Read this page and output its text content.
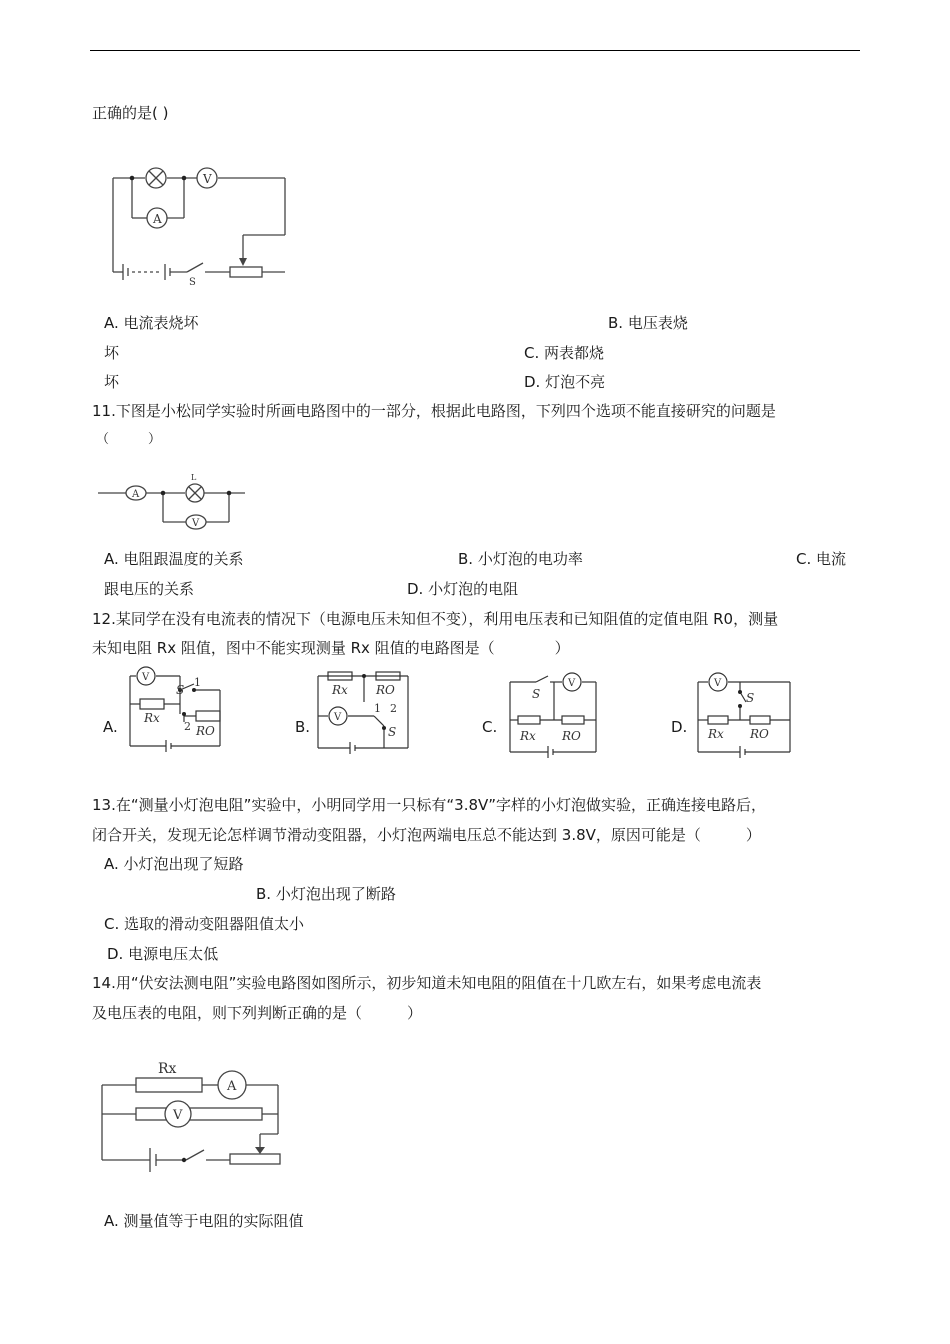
正确的是( )
A
V
S
A. 电流表烧坏	B. 电压表烧
坏	C. 两表都烧
坏	D. 灯泡不亮
11.下图是小松同学实验时所画电路图中的一部分，根据此电路图，下列四个选项不能直接研究的问题是
（　　　）
A
V
L
A. 电阻跟温度的关系	B. 小灯泡的电功率	C. 电流
跟电压的关系	D. 小灯泡的电阻
12.某同学在没有电流表的情况下（电源电压未知但不变），利用电压表和已知阻值的定值电阻 R0，测量
未知电阻 Rx 阻值，图中不能实现测量 Rx 阻值的电路图是（　　　　）
A.	B.	C.	D.
V
S
1
2
Rx
RO
V
Rx RO
1 2
S
V
S
Rx RO
V
S
Rx RO
13.在“测量小灯泡电阻”实验中，小明同学用一只标有“3.8V”字样的小灯泡做实验，正确连接电路后，
闭合开关，发现无论怎样调节滑动变阻器，小灯泡两端电压总不能达到 3.8V，原因可能是（　　　）
A. 小灯泡出现了短路
B. 小灯泡出现了断路
C. 选取的滑动变阻器阻值太小
D. 电源电压太低
14.用“伏安法测电阻”实验电路图如图所示，初步知道未知电阻的阻值在十几欧左右，如果考虑电流表
及电压表的电阻，则下列判断正确的是（　　　）
Rx
A
V
A. 测量值等于电阻的实际阻值
